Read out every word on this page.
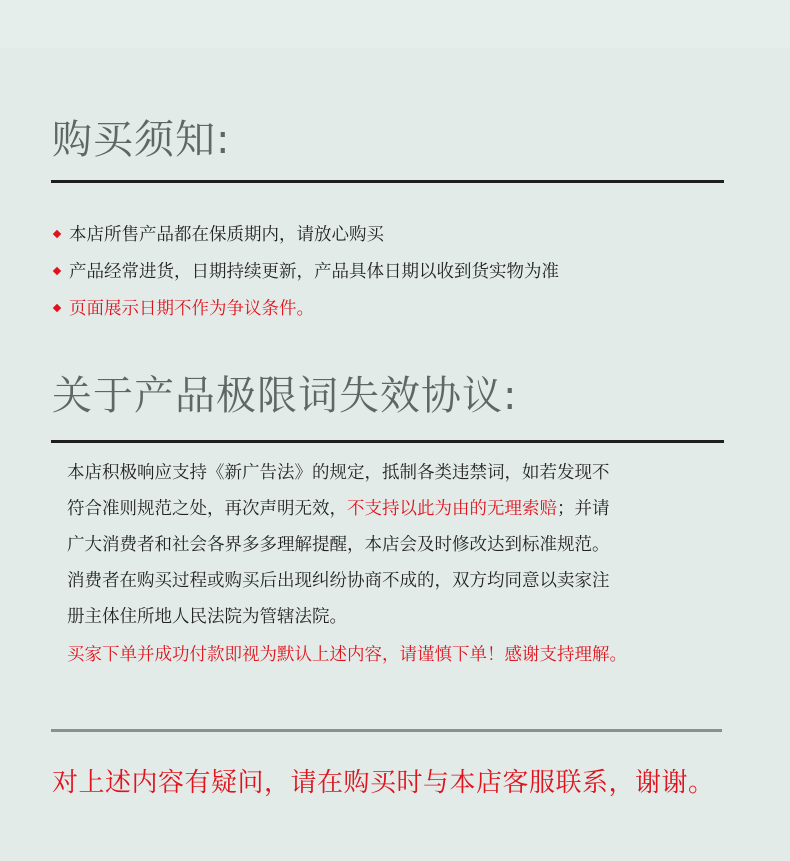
购买须知:
本店所售产品都在保质期内，请放心购买
产品经常进货，日期持续更新，产品具体日期以收到货实物为准
页面展示日期不作为争议条件。
关于产品极限词失效协议:
本店积极响应支持《新广告法》的规定，抵制各类违禁词，如若发现不
符合准则规范之处，再次声明无效，不支持以此为由的无理索赔；并请
广大消费者和社会各界多多理解提醒，本店会及时修改达到标准规范。
消费者在购买过程或购买后出现纠纷协商不成的，双方均同意以卖家注
册主体住所地人民法院为管辖法院。
买家下单并成功付款即视为默认上述内容，请谨慎下单！感谢支持理解。
对上述内容有疑问，请在购买时与本店客服联系，谢谢。
